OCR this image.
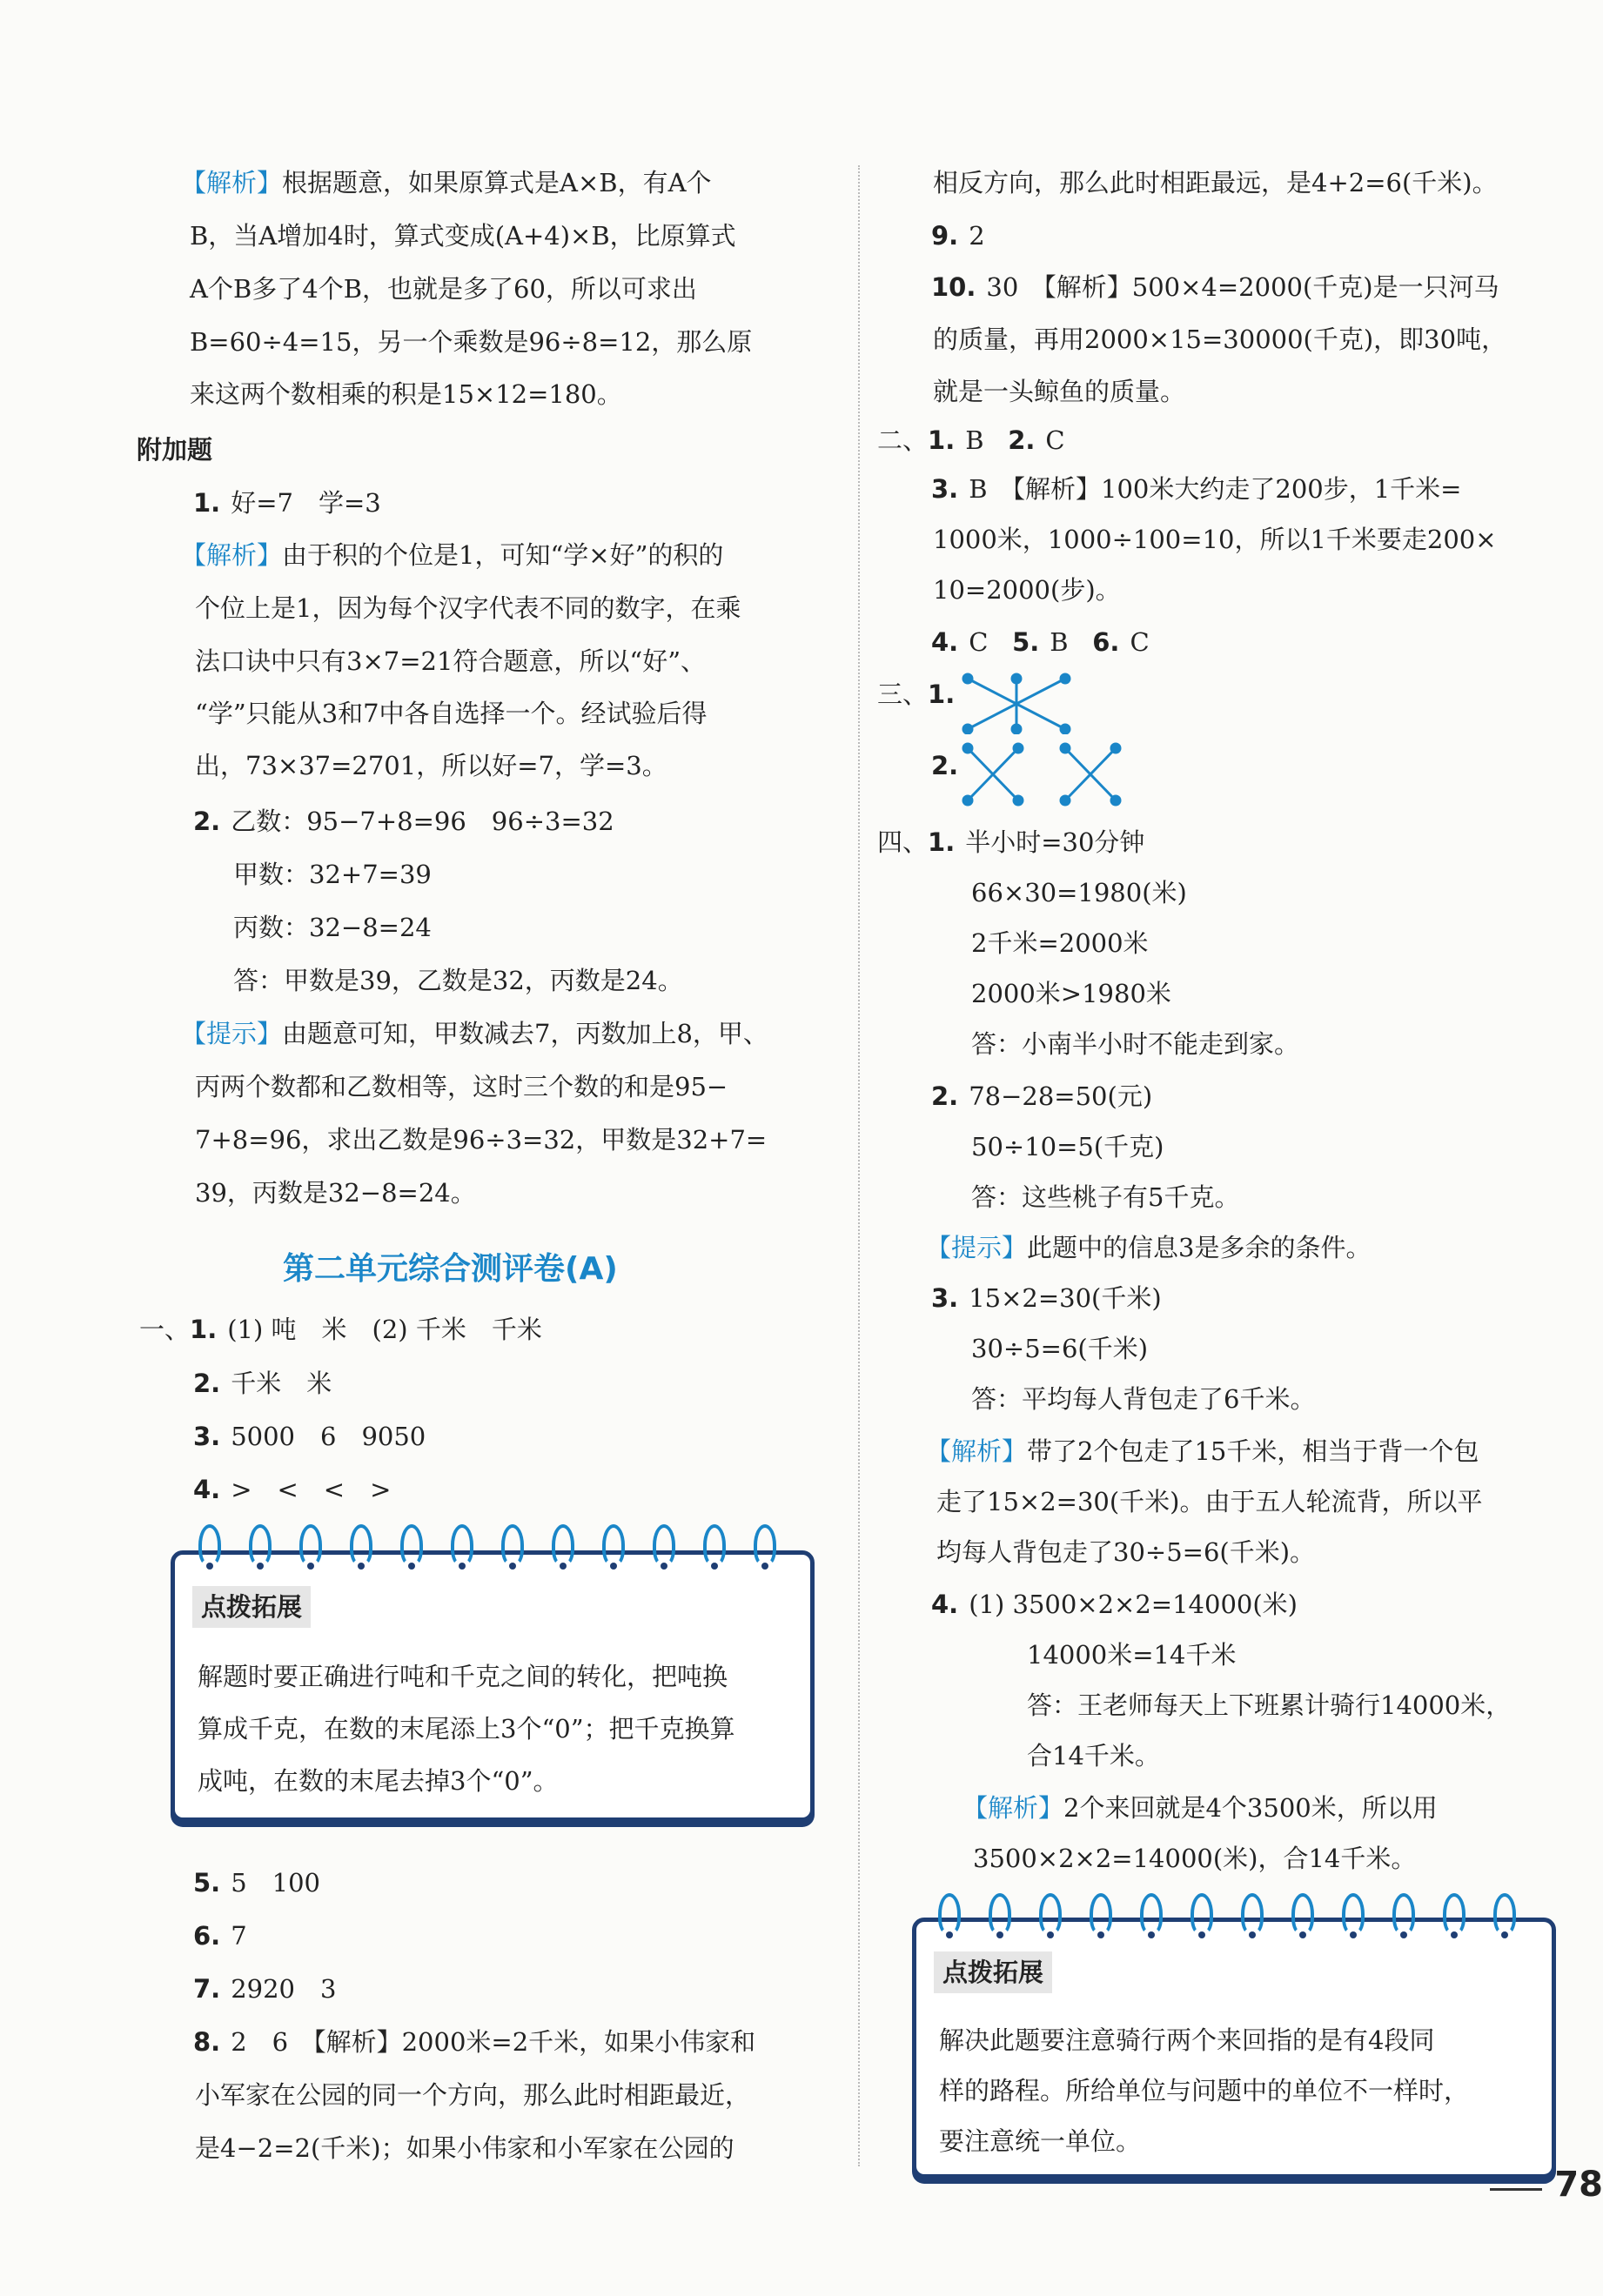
【解析】根据题意，如果原算式是A×B，有A个
B，当A增加4时，算式变成(A+4)×B，比原算式
A个B多了4个B，也就是多了60，所以可求出
B=60÷4=15，另一个乘数是96÷8=12，那么原
来这两个数相乘的积是15×12=180。
附加题
1. 好=7　学=3
【解析】由于积的个位是1，可知“学×好”的积的
个位上是1，因为每个汉字代表不同的数字，在乘
法口诀中只有3×7=21符合题意，所以“好”、
“学”只能从3和7中各自选择一个。经试验后得
出，73×37=2701，所以好=7，学=3。
2. 乙数：95−7+8=96　96÷3=32
甲数：32+7=39
丙数：32−8=24
答：甲数是39，乙数是32，丙数是24。
【提示】由题意可知，甲数减去7，丙数加上8，甲、
丙两个数都和乙数相等，这时三个数的和是95−
7+8=96，求出乙数是96÷3=32，甲数是32+7=
39，丙数是32−8=24。
第二单元综合测评卷(A)
一、1. (1) 吨　米　(2) 千米　千米
2. 千米　米
3. 5000　6　9050
4. >　<　<　>
点拨拓展
解题时要正确进行吨和千克之间的转化，把吨换
算成千克，在数的末尾添上3个“0”；把千克换算
成吨，在数的末尾去掉3个“0”。
5. 5　100
6. 7
7. 2920　3
8. 2　6　【解析】2000米=2千米，如果小伟家和
小军家在公园的同一个方向，那么此时相距最近，
是4−2=2(千米)；如果小伟家和小军家在公园的
相反方向，那么此时相距最远，是4+2=6(千米)。
9. 2
10. 30　【解析】500×4=2000(千克)是一只河马
的质量，再用2000×15=30000(千克)，即30吨，
就是一头鲸鱼的质量。
二、1. B 2. C
3. B　【解析】100米大约走了200步，1千米=
1000米，1000÷100=10，所以1千米要走200×
10=2000(步)。
4. C 5. B 6. C
三、1.
2.
四、1. 半小时=30分钟
66×30=1980(米)
2千米=2000米
2000米>1980米
答：小南半小时不能走到家。
2. 78−28=50(元)
50÷10=5(千克)
答：这些桃子有5千克。
【提示】此题中的信息3是多余的条件。
3. 15×2=30(千米)
30÷5=6(千米)
答：平均每人背包走了6千米。
【解析】带了2个包走了15千米，相当于背一个包
走了15×2=30(千米)。由于五人轮流背，所以平
均每人背包走了30÷5=6(千米)。
4. (1) 3500×2×2=14000(米)
14000米=14千米
答：王老师每天上下班累计骑行14000米，
合14千米。
【解析】2个来回就是4个3500米，所以用
3500×2×2=14000(米)，合14千米。
点拨拓展
解决此题要注意骑行两个来回指的是有4段同
样的路程。所给单位与问题中的单位不一样时，
要注意统一单位。
78
